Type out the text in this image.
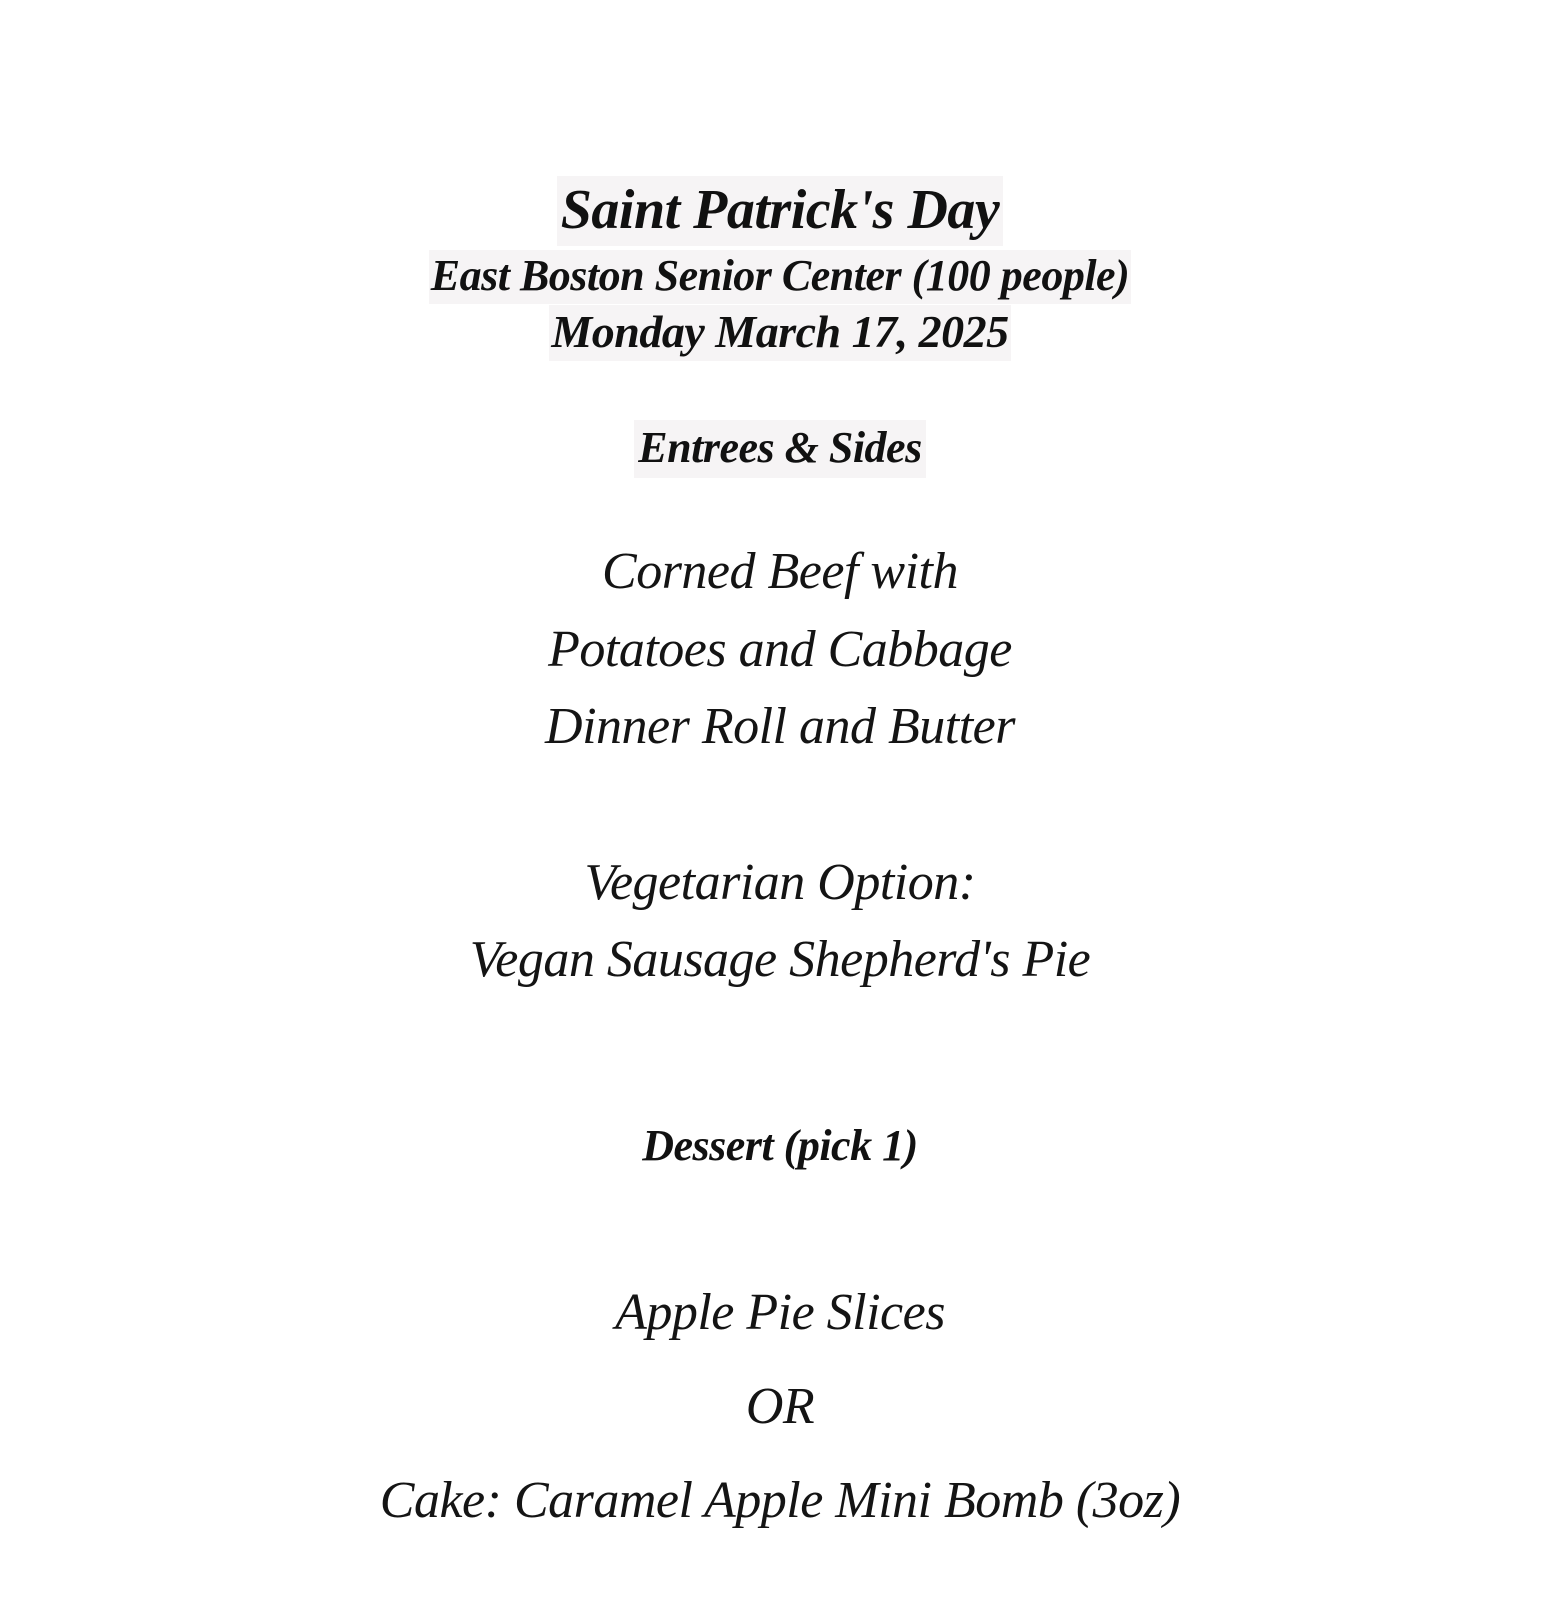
Saint Patrick's Day
East Boston Senior Center (100 people)
Monday March 17, 2025
Entrees & Sides
Corned Beef with
Potatoes and Cabbage
Dinner Roll and Butter
Vegetarian Option:
Vegan Sausage Shepherd's Pie
Dessert (pick 1)
Apple Pie Slices
OR
Cake: Caramel Apple Mini Bomb (3oz)
